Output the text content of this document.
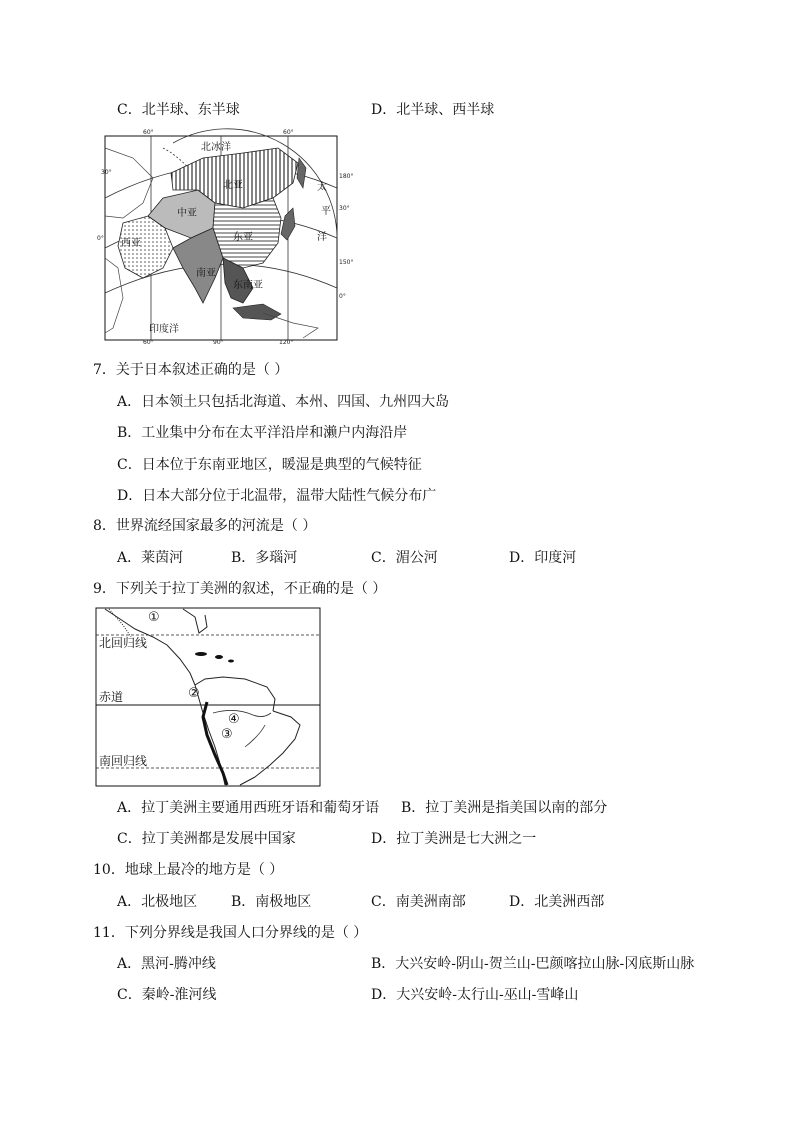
C．北半球、东半球	D．北半球、西半球
北冰洋
北亚
中亚
西亚
东亚
南亚
东南亚
印度洋
太
平
洋
60°	60°
30°
0°
180°
30°
150°
0°
60°	90°	120°
7．关于日本叙述正确的是（ ）
A．日本领土只包括北海道、本州、四国、九州四大岛
B．工业集中分布在太平洋沿岸和濑户内海沿岸
C．日本位于东南亚地区，暖湿是典型的气候特征
D．日本大部分位于北温带，温带大陆性气候分布广
8．世界流经国家最多的河流是（ ）
A．莱茵河	B．多瑙河	C．湄公河	D．印度河
9．下列关于拉丁美洲的叙述，不正确的是（ ）
北回归线
赤道
南回归线
①
②
③
④
A．拉丁美洲主要通用西班牙语和葡萄牙语 B．拉丁美洲是指美国以南的部分
C．拉丁美洲都是发展中国家	D．拉丁美洲是七大洲之一
10．地球上最冷的地方是（ ）
A．北极地区 B．南极地区	C．南美洲南部	D．北美洲西部
11．下列分界线是我国人口分界线的是（ ）
A．黑河-腾冲线	B．大兴安岭-阴山-贺兰山-巴颜喀拉山脉-冈底斯山脉
C．秦岭-淮河线	D．大兴安岭-太行山-巫山-雪峰山
